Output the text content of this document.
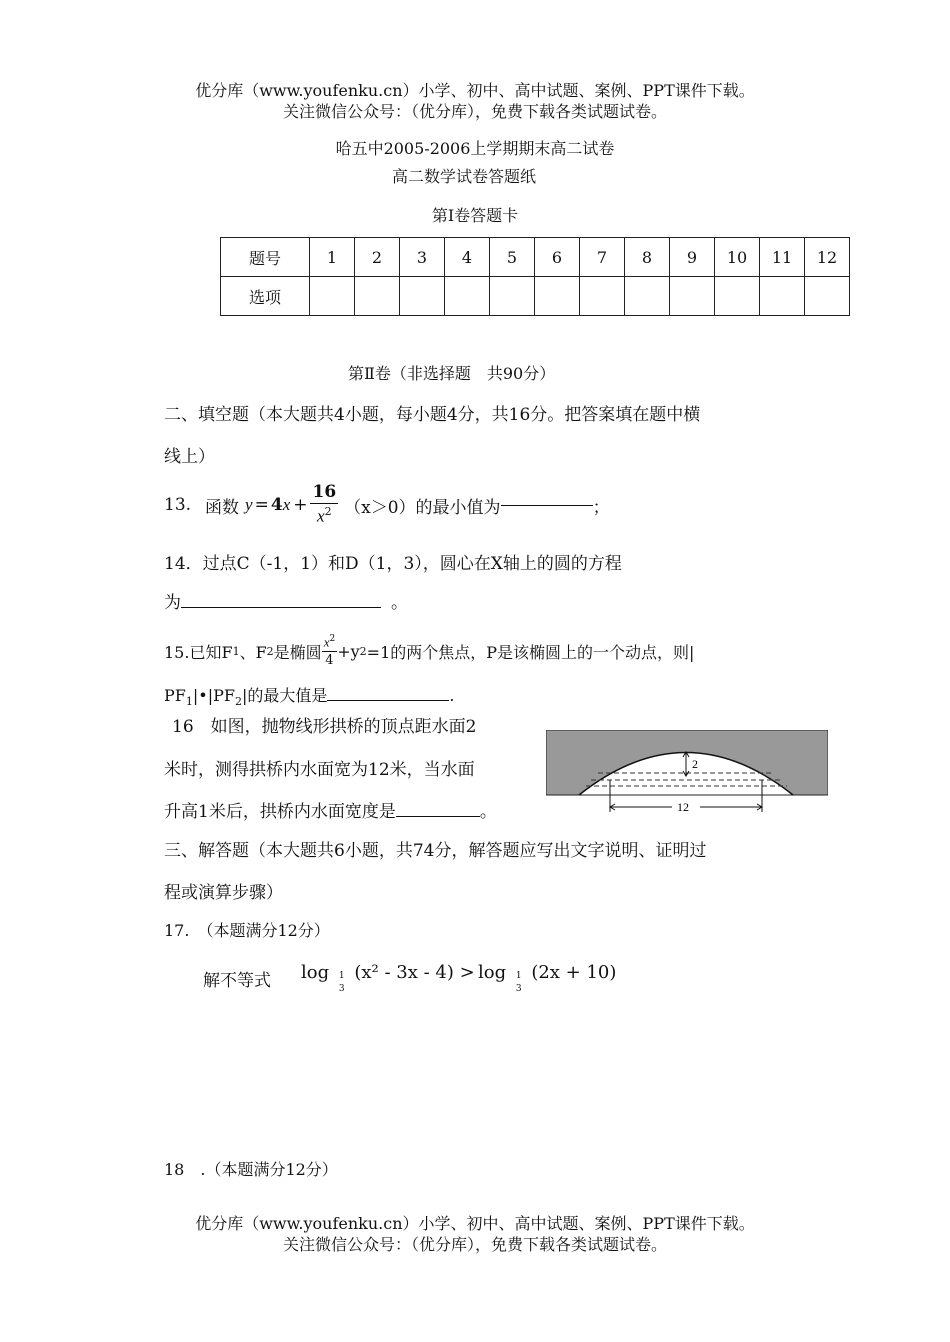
优分库（www.youfenku.cn）小学、初中、高中试题、案例、PPT课件下载。
关注微信公众号：（优分库），免费下载各类试题试卷。
哈五中2005-2006上学期期末高二试卷
高二数学试卷答题纸
第Ⅰ卷答题卡
题号	1	2	3	4	5	6	7	8	9	10	11	12
选项												
第Ⅱ卷（非选择题　共90分）
二、填空题（本大题共4小题，每小题4分，共16分。把答案填在题中横
线上）
13. 函数 y = 4 $x + \frac{16}{x^2} (x>0)$的最小值为	；
14．过点C（-1，1）和D（1，3），圆心在X轴上的圆的方程
为	。
15.已知F 1 、F 2 是椭圆 $\frac{x^2}{4} +y$ 2 =1的两个焦点，P是该椭圆上的一个动点，则|
$PF_1|•|PF_2|$的最大值是	.
16　如图，抛物线形拱桥的顶点距水面2
米时，测得拱桥内水面宽为12米，当水面
升高1米后，拱桥内水面宽度是	。
2
12
三、解答题（本大题共6小题，共74分，解答题应写出文字说明、证明过
程或演算步骤）
17.　（本题满分12分）
解不等式 log 1
3
(x² - 3x - 4) > log 1
3
(2x + 10)
18　.（本题满分12分）
优分库（www.youfenku.cn）小学、初中、高中试题、案例、PPT课件下载。
关注微信公众号：（优分库），免费下载各类试题试卷。
